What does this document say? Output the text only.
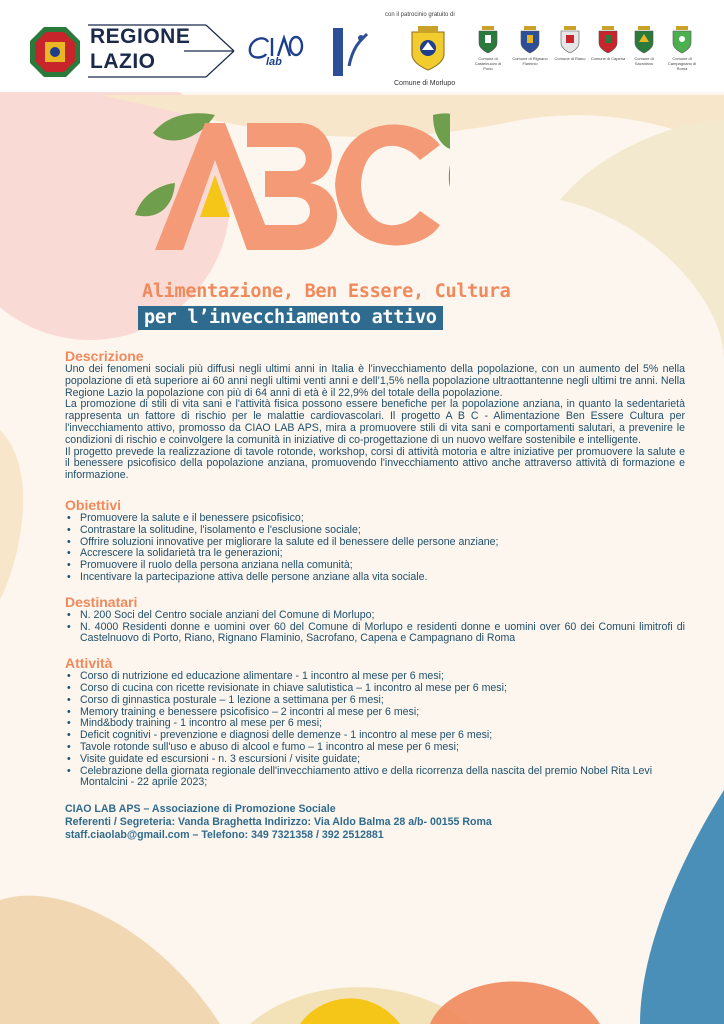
REGIONE
LAZIO	lab
con il patrocinio gratuito di
Comune di Morlupo
Comune di Castelnuovo di Porto
Comune di Rignano Flaminio
Comune di Riano	Comune di Capena	Comune di Sacrofano
Comune di Campagnano di Roma
Alimentazione, Ben Essere, Cultura
per l’invecchiamento attivo
Descrizione

Uno dei fenomeni sociali più diffusi negli ultimi anni in Italia è l'invecchiamento della popolazione, con un aumento del 5% nella popolazione di età superiore ai 60 anni negli ultimi venti anni e dell’1,5% nella popolazione ultraottantenne negli ultimi tre anni. Nella Regione Lazio la popolazione con più di 64 anni di età è il 22,9% del totale della popolazione.

La promozione di stili di vita sani e l'attività fisica possono essere benefiche per la popolazione anziana, in quanto la sedentarietà rappresenta un fattore di rischio per le malattie cardiovascolari. Il progetto A B C - Alimentazione Ben Essere Cultura per l'invecchiamento attivo, promosso da CIAO LAB APS, mira a promuovere stili di vita sani e comportamenti salutari, a prevenire le condizioni di rischio e coinvolgere la comunità in iniziative di co-progettazione di un nuovo welfare sostenibile e intelligente.

Il progetto prevede la realizzazione di tavole rotonde, workshop, corsi di attività motoria e altre iniziative per promuovere la salute e il benessere psicofisico della popolazione anziana, promuovendo l'invecchiamento attivo anche attraverso attività di formazione e informazione.

Obiettivi
• Promuovere la salute e il benessere psicofisico;
• Contrastare la solitudine, l'isolamento e l'esclusione sociale;
• Offrire soluzioni innovative per migliorare la salute ed il benessere delle persone anziane;
• Accrescere la solidarietà tra le generazioni;
• Promuovere il ruolo della persona anziana nella comunità;
• Incentivare la partecipazione attiva delle persone anziane alla vita sociale.
Destinatari
• N. 200 Soci del Centro sociale anziani del Comune di Morlupo;
• N. 4000 Residenti donne e uomini over 60 del Comune di Morlupo e residenti donne e uomini over 60 dei Comuni limitrofi di Castelnuovo di Porto, Riano, Rignano Flaminio, Sacrofano, Capena e Campagnano di Roma
Attività
• Corso di nutrizione ed educazione alimentare - 1 incontro al mese per 6 mesi;
• Corso di cucina con ricette revisionate in chiave salutistica – 1 incontro al mese per 6 mesi;
• Corso di ginnastica posturale – 1 lezione a settimana per 6 mesi;
• Memory training e benessere psicofisico – 2 incontri al mese per 6 mesi;
• Mind&body training - 1 incontro al mese per 6 mesi;
• Deficit cognitivi - prevenzione e diagnosi delle demenze - 1 incontro al mese per 6 mesi;
• Tavole rotonde sull'uso e abuso di alcool e fumo – 1 incontro al mese per 6 mesi;
• Visite guidate ed escursioni - n. 3 escursioni / visite guidate;
• Celebrazione della giornata regionale dell'invecchiamento attivo e della ricorrenza della nascita del premio Nobel Rita Levi Montalcini - 22 aprile 2023;
CIAO LAB APS – Associazione di Promozione Sociale
Referenti / Segreteria: Vanda Braghetta Indirizzo: Via Aldo Balma 28 a/b- 00155 Roma
staff.ciaolab@gmail.com – Telefono: 349 7321358 / 392 2512881
